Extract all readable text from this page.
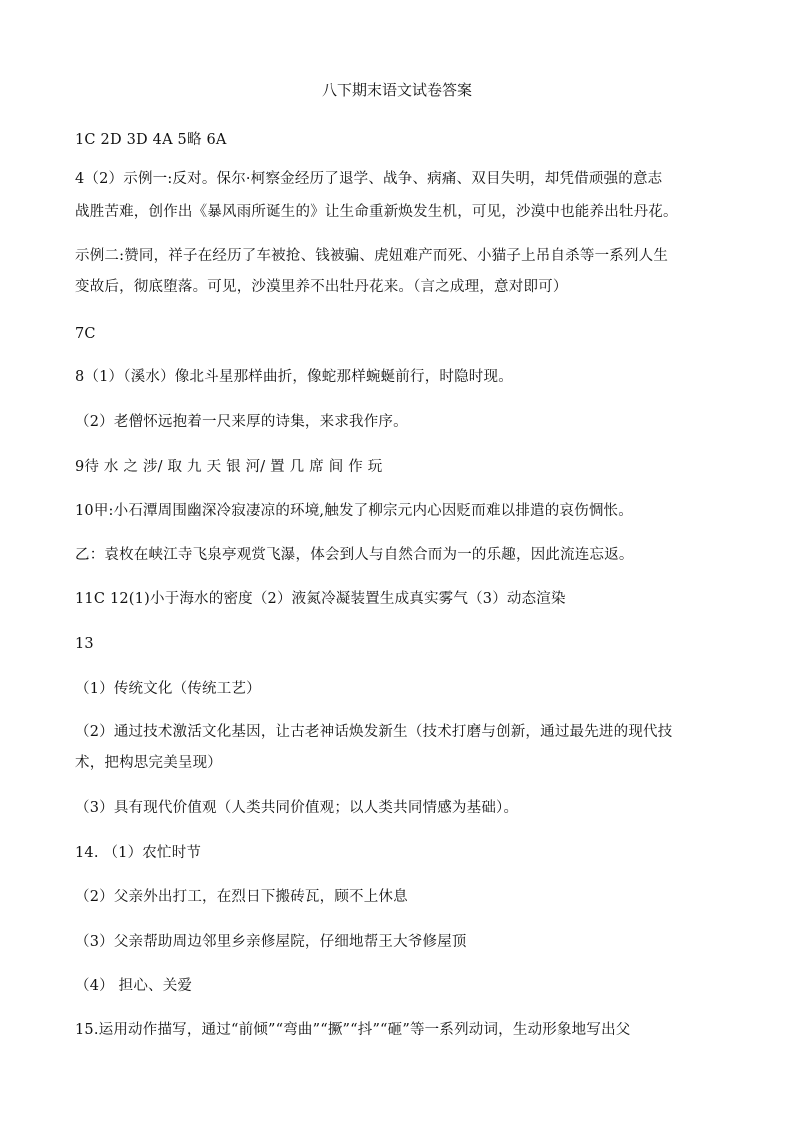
八下期末语文试卷答案
1C 2D 3D 4A 5略 6A
4（2）示例一:反对。保尔·柯察金经历了退学、战争、病痛、双目失明，却凭借顽强的意志
战胜苦难，创作出《暴风雨所诞生的》让生命重新焕发生机，可见，沙漠中也能养出牡丹花。
示例二:赞同，祥子在经历了车被抢、钱被骗、虎妞难产而死、小猫子上吊自杀等一系列人生
变故后，彻底堕落。可见，沙漠里养不出牡丹花来。（言之成理，意对即可）
7C
8（1）（溪水）像北斗星那样曲折，像蛇那样蜿蜒前行，时隐时现。
（2）老僧怀远抱着一尺来厚的诗集，来求我作序。
9待 水 之 涉/ 取 九 天 银 河/ 置 几 席 间 作 玩
10甲:小石潭周围幽深冷寂凄凉的环境,触发了柳宗元内心因贬而难以排遣的哀伤惆怅。
乙：袁枚在峡江寺飞泉亭观赏飞瀑，体会到人与自然合而为一的乐趣，因此流连忘返。
11C 12(1)小于海水的密度（2）液氮冷凝装置生成真实雾气（3）动态渲染
13
（1）传统文化（传统工艺）
（2）通过技术激活文化基因，让古老神话焕发新生（技术打磨与创新，通过最先进的现代技
术，把构思完美呈现）
（3）具有现代价值观（人类共同价值观；以人类共同情感为基础）。
14. （1）农忙时节
（2）父亲外出打工，在烈日下搬砖瓦，顾不上休息
（3）父亲帮助周边邻里乡亲修屋院，仔细地帮王大爷修屋顶
（4） 担心、关爱
15.运用动作描写，通过“前倾”“弯曲”“撅”“抖”“砸”等一系列动词，生动形象地写出父
